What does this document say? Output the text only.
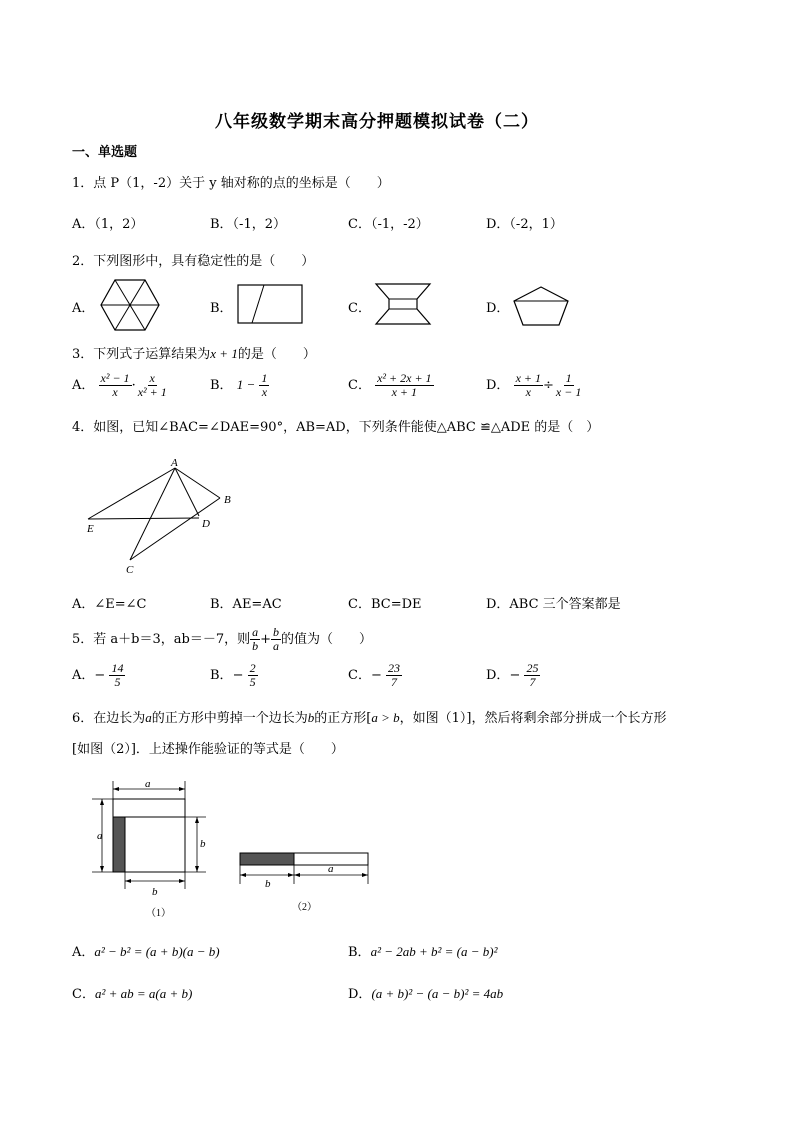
八年级数学期末高分押题模拟试卷（二）
一、单选题
1．点 P（1，-2）关于 y 轴对称的点的坐标是（　　）
A．（1，2）	B．（-1，2）	C．（-1，-2）	D．（-2，1）
2．下列图形中，具有稳定性的是（　　）
A．	B．	C．	D．
3．下列式子运算结果为x + 1的是（　　）
A． $\frac{\text{x² − 1}}{x} \cdot \frac{x}{\text{x² + 1}}$	B． $1 - \frac{1}{x}$	C． $\frac{\text{x² + 2x + 1}}{x + 1}$	D． $\frac{x + 1}{x} \div \frac{1}{x - 1}$
4．如图，已知∠BAC=∠DAE=90°，AB=AD，下列条件能使△ABC ≌△ADE 的是（　）
A
B
C
D
E
A．∠E=∠C	B．AE=AC	C．BC=DE	D．ABC 三个答案都是
5．若 a＋b＝3，ab＝－7，则 $\frac{a}{b} + \frac{b}{a}$ 的值为（　　）
A．− $\frac{14}{5}$	B．− $\frac{2}{5}$	C．− $\frac{23}{7}$	D．− $\frac{25}{7}$
6．在边长为a的正方形中剪掉一个边长为b的正方形[a > b，如图（1）]，然后将剩余部分拼成一个长方形
[如图（2）]．上述操作能验证的等式是（　　）
a
a
b
b
（1）
b
a
（2）
A．a² − b² = (a + b)(a − b)	B．a² − 2ab + b² = (a − b)²
C．a² + ab = a(a + b)	D．(a + b)² − (a − b)² = 4ab
